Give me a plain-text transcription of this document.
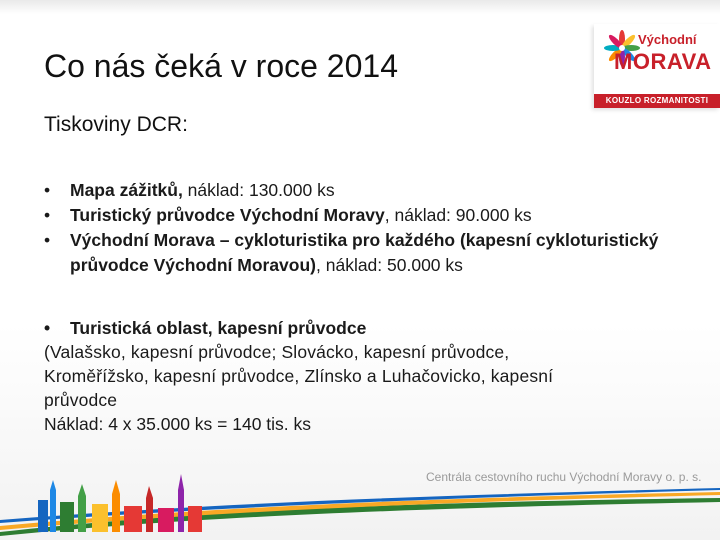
Co nás čeká v roce 2014
Tiskoviny DCR:
• Mapa zážitků, náklad: 130.000 ks
• Turistický průvodce Východní Moravy, náklad: 90.000 ks
• Východní Morava – cykloturistika pro každého (kapesní cykloturistický průvodce Východní Moravou), náklad: 50.000 ks
• Turistická oblast, kapesní průvodce
(Valašsko, kapesní průvodce; Slovácko, kapesní průvodce,
Kroměřížsko, kapesní průvodce, Zlínsko a Luhačovicko, kapesní
průvodce
Náklad: 4 x 35.000 ks = 140 tis. ks
Východní
MORAVA
KOUZLO ROZMANITOSTI
Centrála cestovního ruchu Východní Moravy o. p. s.
